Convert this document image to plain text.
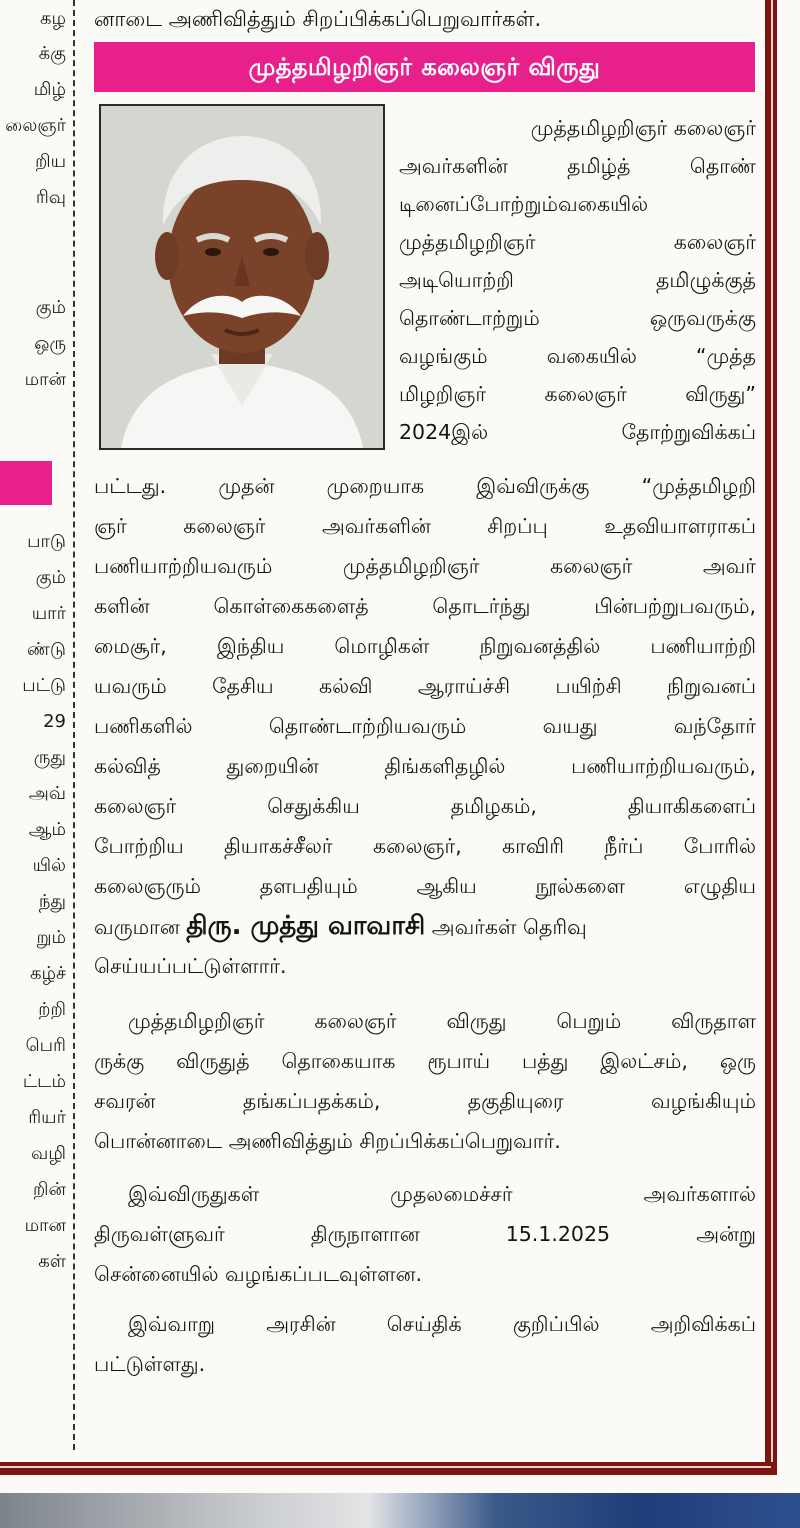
கழ
க்கு
மிழ்
லைஞர்
றிய
ரிவு
கும்
ஒரு
மான்
பாடு
கும்
யார்
ண்டு
பட்டு
29
ருது
அவ்
ஆம்
யில்
ந்து
றும்
கழ்ச்
ற்றி
பெரி
ட்டம்
ரியர்
வழி
றின்
மான
கள்
னாடை அணிவித்தும் சிறப்பிக்கப்பெறுவார்கள்.
முத்தமிழறிஞர் கலைஞர் விருது
முத்தமிழறிஞர் கலைஞர்
அவர்களின் தமிழ்த் தொண்
டினைப்போற்றும்வகையில்
முத்தமிழறிஞர் கலைஞர்
அடியொற்றி தமிழுக்குத்
தொண்டாற்றும் ஒருவருக்கு
வழங்கும் வகையில் “முத்த
மிழறிஞர் கலைஞர் விருது”
2024இல் தோற்றுவிக்கப்
பட்டது. முதன் முறையாக இவ்விருக்கு “முத்தமிழறி
ஞர் கலைஞர் அவர்களின் சிறப்பு உதவியாளராகப்
பணியாற்றியவரும் முத்தமிழறிஞர் கலைஞர் அவர்
களின் கொள்கைகளைத் தொடர்ந்து பின்பற்றுபவரும்,
மைசூர், இந்திய மொழிகள் நிறுவனத்தில் பணியாற்றி
யவரும் தேசிய கல்வி ஆராய்ச்சி பயிற்சி நிறுவனப்
பணிகளில் தொண்டாற்றியவரும் வயது வந்தோர்
கல்வித் துறையின் திங்களிதழில் பணியாற்றியவரும்,
கலைஞர் செதுக்கிய தமிழகம், தியாகிகளைப்
போற்றிய தியாகச்சீலர் கலைஞர், காவிரி நீர்ப் போரில்
கலைஞரும் தளபதியும் ஆகிய நூல்களை எழுதிய
வருமான திரு. முத்து வாவாசி அவர்கள் தெரிவு
செய்யப்பட்டுள்ளார்.
முத்தமிழறிஞர் கலைஞர் விருது பெறும் விருதாள
ருக்கு விருதுத் தொகையாக ரூபாய் பத்து இலட்சம், ஒரு
சவரன் தங்கப்பதக்கம், தகுதியுரை வழங்கியும்
பொன்னாடை அணிவித்தும் சிறப்பிக்கப்பெறுவார்.
இவ்விருதுகள் முதலமைச்சர் அவர்களால்
திருவள்ளுவர் திருநாளான 15.1.2025 அன்று
சென்னையில் வழங்கப்படவுள்ளன.
இவ்வாறு அரசின் செய்திக் குறிப்பில் அறிவிக்கப்
பட்டுள்ளது.
